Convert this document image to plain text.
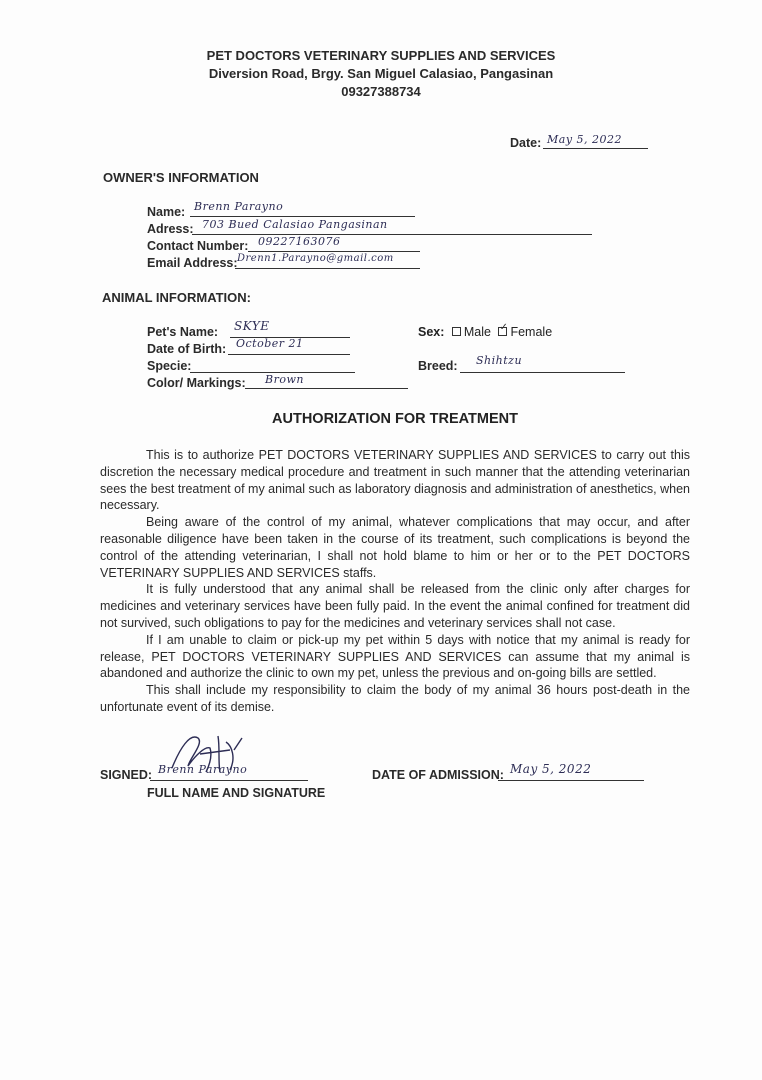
PET DOCTORS VETERINARY SUPPLIES AND SERVICES
Diversion Road, Brgy. San Miguel Calasiao, Pangasinan
09327388734
Date: May 5, 2022
OWNER'S INFORMATION
Name: Brenn Parayno
Adress: 703 Bued Calasiao Pangasinan
Contact Number: 09227163076
Email Address: Drenn1.Parayno@gmail.com
ANIMAL INFORMATION:
Pet's Name: SKYE
Date of Birth: October 21
Specie:
Color/ Markings: Brown
Sex: Male ✓ Female
Breed: Shihtzu
AUTHORIZATION FOR TREATMENT

This is to authorize PET DOCTORS VETERINARY SUPPLIES AND SERVICES to carry out this discretion the necessary medical procedure and treatment in such manner that the attending veterinarian sees the best treatment of my animal such as laboratory diagnosis and administration of anesthetics, when necessary.

Being aware of the control of my animal, whatever complications that may occur, and after reasonable diligence have been taken in the course of its treatment, such complications is beyond the control of the attending veterinarian, I shall not hold blame to him or her or to the PET DOCTORS VETERINARY SUPPLIES AND SERVICES staffs.

It is fully understood that any animal shall be released from the clinic only after charges for medicines and veterinary services have been fully paid. In the event the animal confined for treatment did not survived, such obligations to pay for the medicines and veterinary services shall not case.

If I am unable to claim or pick-up my pet within 5 days with notice that my animal is ready for release, PET DOCTORS VETERINARY SUPPLIES AND SERVICES can assume that my animal is abandoned and authorize the clinic to own my pet, unless the previous and on-going bills are settled.

This shall include my responsibility to claim the body of my animal 36 hours post-death in the unfortunate event of its demise.

SIGNED: Brenn Parayno
FULL NAME AND SIGNATURE
DATE OF ADMISSION: May 5, 2022
